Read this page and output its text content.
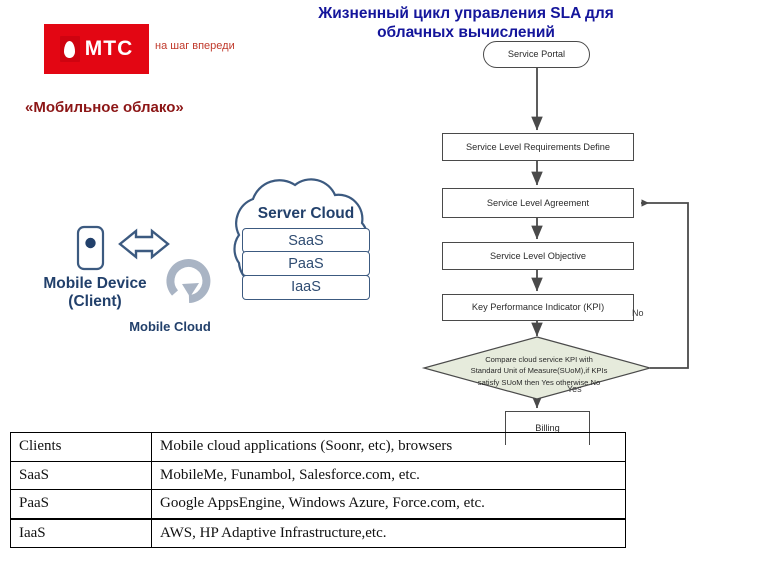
МТС на шаг впереди
Жизненный цикл управления SLA для
облачных вычислений
«Мобильное облако»
Mobile Device
(Client)
Mobile Cloud
Server Cloud
SaaS
PaaS
IaaS
Service Portal
Service Level Requirements Define
Service Level Agreement
Service Level Objective
Key Performance Indicator (KPI)
Billing
Compare cloud service KPI with
Standard Unit of Measure(SUoM),if KPIs
satisfy SUoM then Yes otherwise No
No
Yes
Clients	Mobile cloud applications (Soonr, etc), browsers
SaaS	MobileMe, Funambol, Salesforce.com, etc.
PaaS	Google AppsEngine, Windows Azure, Force.com, etc.
IaaS	AWS, HP Adaptive Infrastructure,etc.
